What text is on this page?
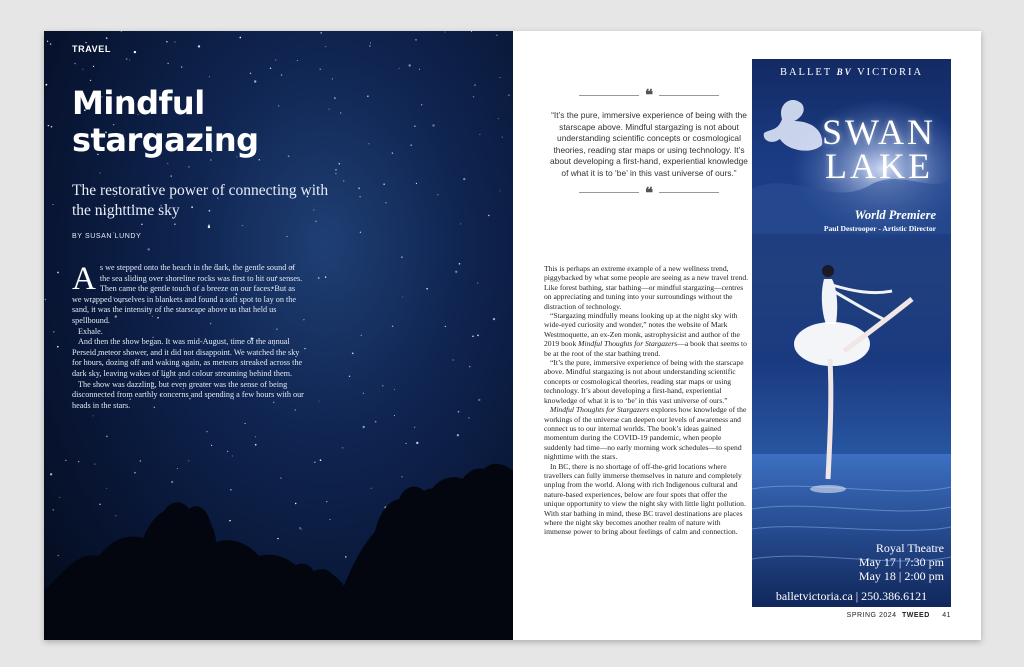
TRAVEL
Mindful
stargazing
The restorative power of connecting with the nighttime sky
BY SUSAN LUNDY

As we stepped onto the beach in the dark, the gentle sound of the sea sliding over shoreline rocks was first to hit our senses. Then came the gentle touch of a breeze on our faces. But as we wrapped ourselves in blankets and found a soft spot to lay on the sand, it was the intensity of the starscape above us that held us spellbound.

Exhale.

And then the show began. It was mid-August, time of the annual Perseid meteor shower, and it did not disappoint. We watched the sky for hours, dozing off and waking again, as meteors streaked across the dark sky, leaving wakes of light and colour streaming behind them.

The show was dazzling, but even greater was the sense of being disconnected from earthly concerns and spending a few hours with our heads in the stars.

❝
“It’s the pure, immersive experience of being with the starscape above. Mindful stargazing is not about understanding scientific concepts or cosmological theories, reading star maps or using technology. It’s about developing a first-hand, experiential knowledge of what it is to ‘be’ in this vast universe of ours.”
❝

This is perhaps an extreme example of a new wellness trend, piggybacked by what some people are seeing as a new travel trend. Like forest bathing, star bathing—or mindful stargazing—centres on appreciating and tuning into your surroundings without the distraction of technology.

“Stargazing mindfully means looking up at the night sky with wide-eyed curiosity and wonder,” notes the website of Mark Westmoquette, an ex-Zen monk, astrophysicist and author of the 2019 book Mindful Thoughts for Stargazers—a book that seems to be at the root of the star bathing trend.

“It’s the pure, immersive experience of being with the starscape above. Mindful stargazing is not about understanding scientific concepts or cosmological theories, reading star maps or using technology. It’s about developing a first-hand, experiential knowledge of what it is to ‘be’ in this vast universe of ours.”

Mindful Thoughts for Stargazers explores how knowledge of the workings of the universe can deepen our levels of awareness and connect us to our internal worlds. The book’s ideas gained momentum during the COVID-19 pandemic, when people suddenly had time—no early morning work schedules—to spend nighttime with the stars.

In BC, there is no shortage of off-the-grid locations where travellers can fully immerse themselves in nature and completely unplug from the world. Along with rich Indigenous cultural and nature-based experiences, below are four spots that offer the unique opportunity to view the night sky with little light pollution. With star bathing in mind, these BC travel destinations are places where the night sky becomes another realm of nature with immense power to bring about feelings of calm and connection.

BALLET BV VICTORIA
SWAN
LAKE
World Premiere
Paul Destrooper - Artistic Director
Royal Theatre
May 17 | 7:30 pm
May 18 | 2:00 pm
balletvictoria.ca | 250.386.6121
SPRING 2024 TWEED 41
